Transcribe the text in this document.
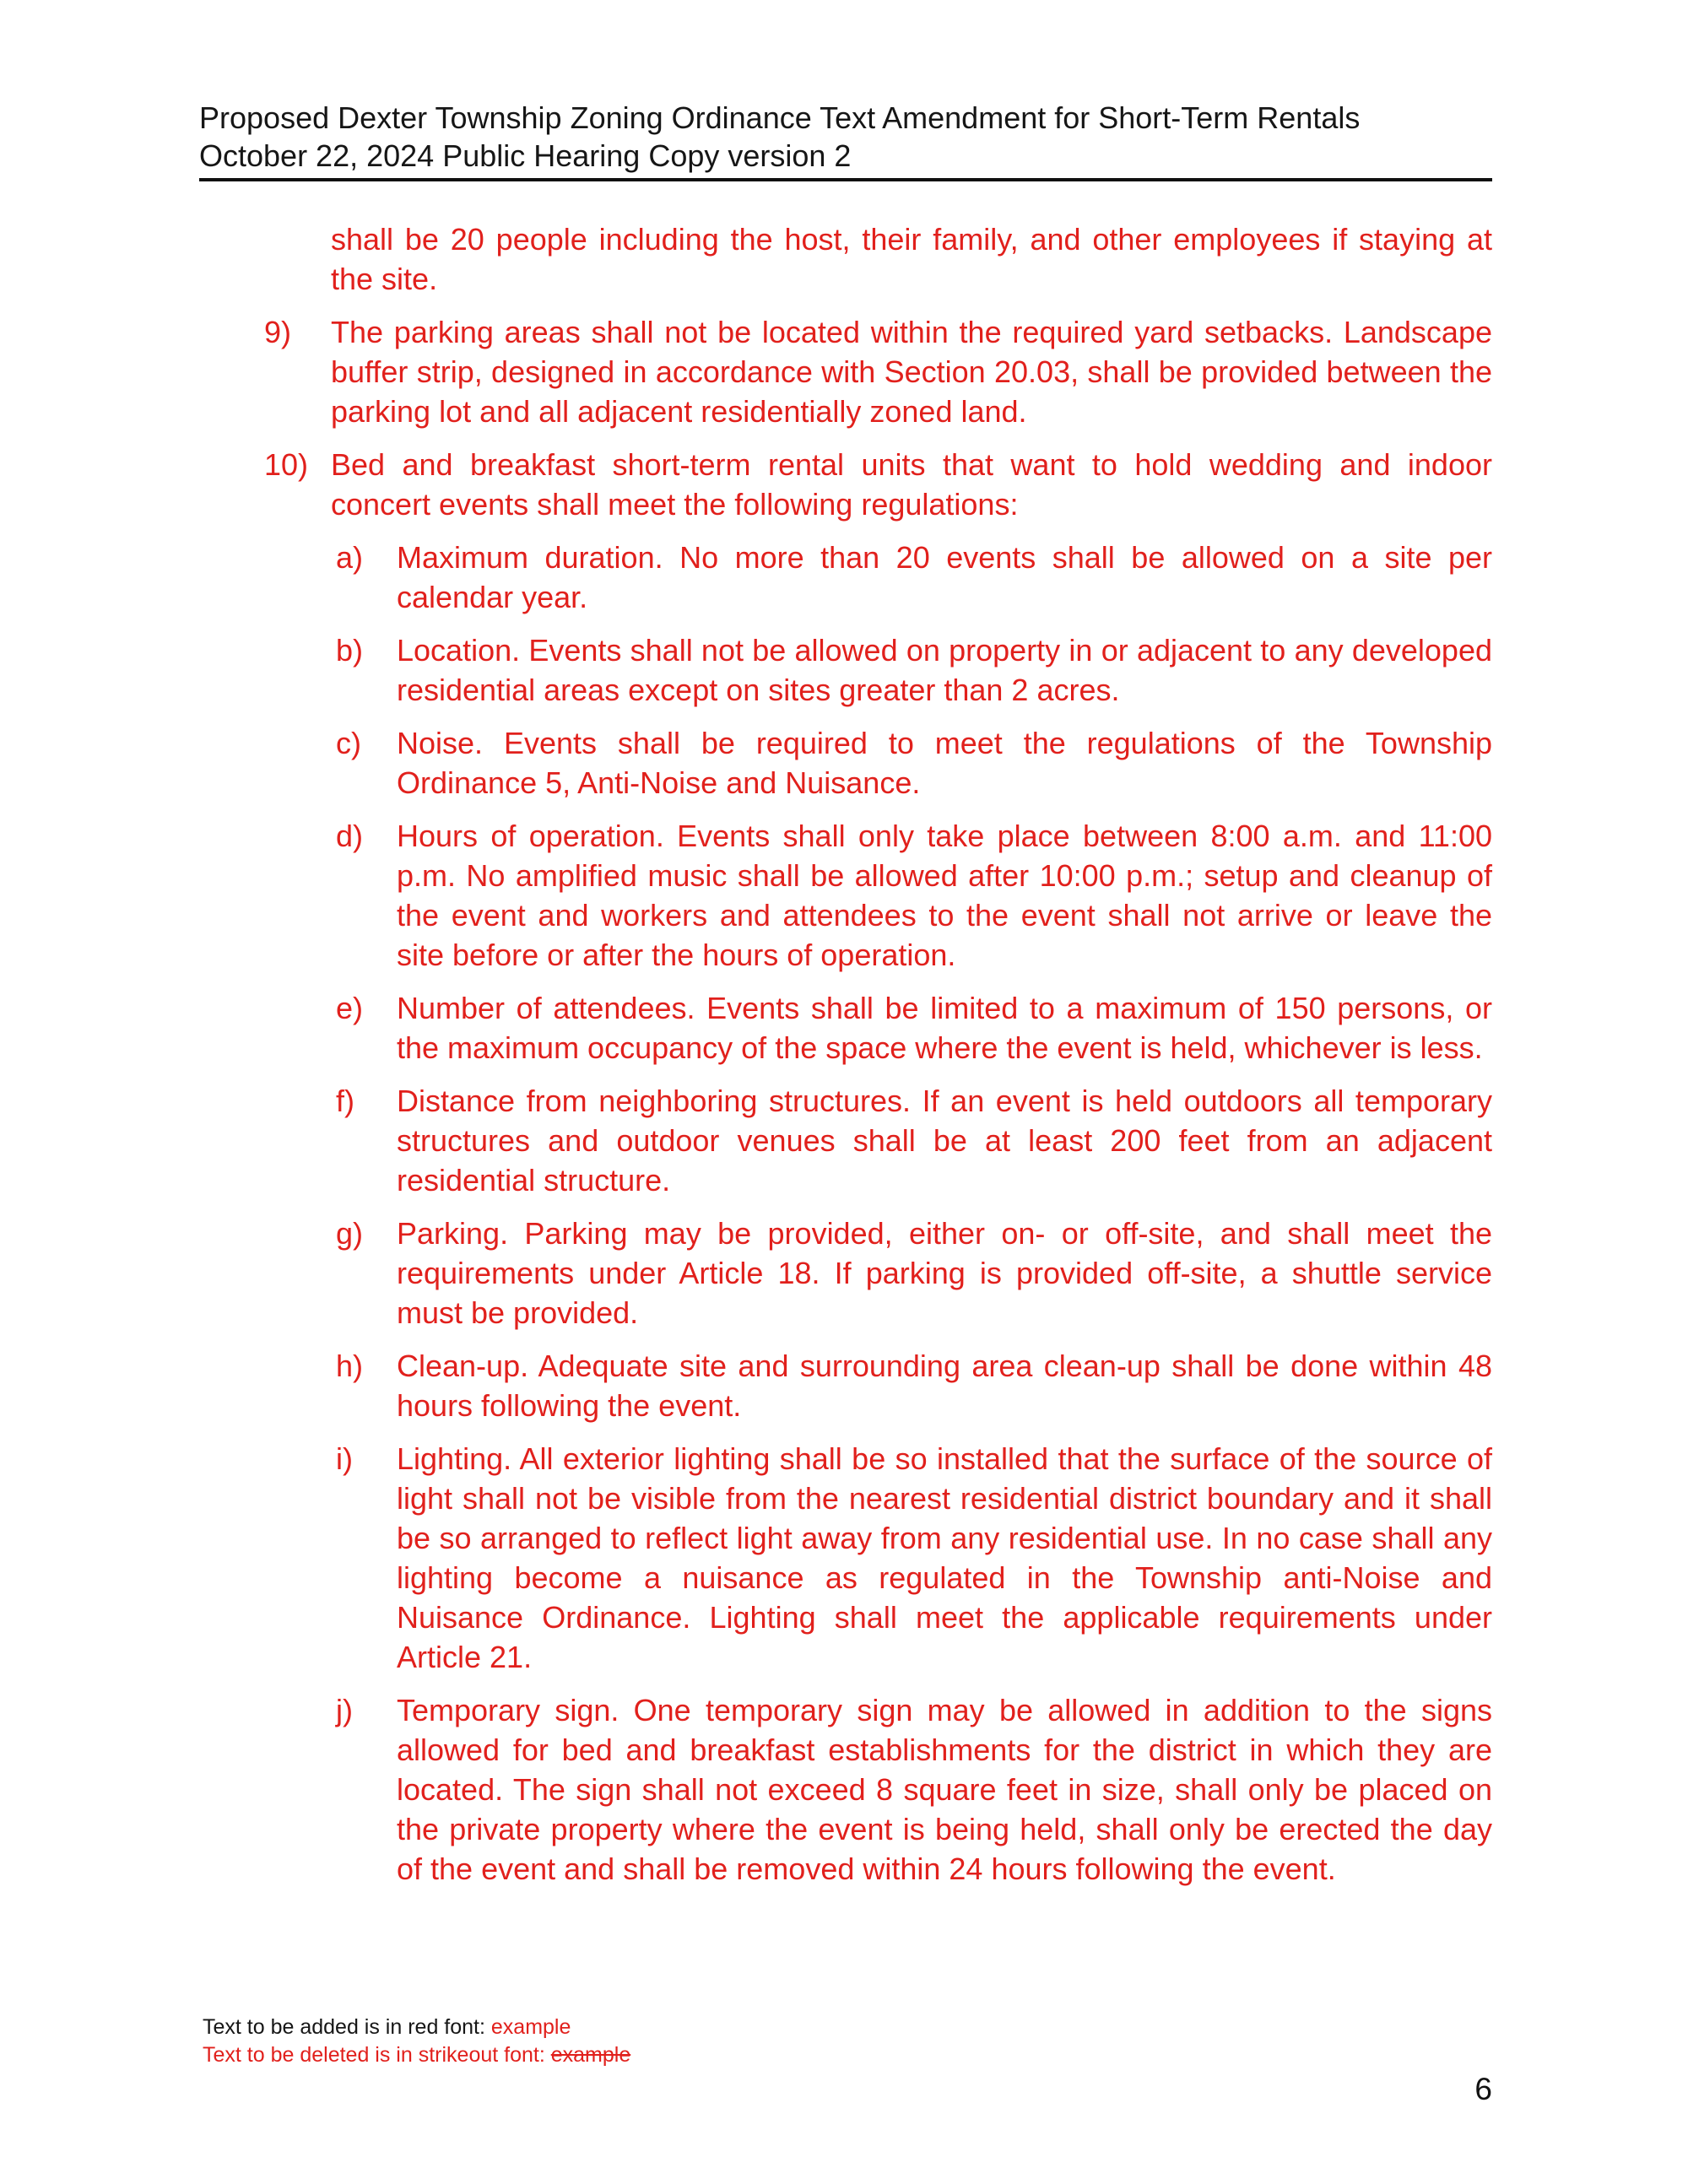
Proposed Dexter Township Zoning Ordinance Text Amendment for Short-Term Rentals
October 22, 2024 Public Hearing Copy version 2

shall be 20 people including the host, their family, and other employees if staying at the site.

9) The parking areas shall not be located within the required yard setbacks. Landscape buffer strip, designed in accordance with Section 20.03, shall be provided between the parking lot and all adjacent residentially zoned land.

10) Bed and breakfast short-term rental units that want to hold wedding and indoor concert events shall meet the following regulations:

a) Maximum duration. No more than 20 events shall be allowed on a site per calendar year.

b) Location. Events shall not be allowed on property in or adjacent to any developed residential areas except on sites greater than 2 acres.

c) Noise. Events shall be required to meet the regulations of the Township Ordinance 5, Anti-Noise and Nuisance.

d) Hours of operation. Events shall only take place between 8:00 a.m. and 11:00 p.m. No amplified music shall be allowed after 10:00 p.m.; setup and cleanup of the event and workers and attendees to the event shall not arrive or leave the site before or after the hours of operation.

e) Number of attendees. Events shall be limited to a maximum of 150 persons, or the maximum occupancy of the space where the event is held, whichever is less.

f) Distance from neighboring structures. If an event is held outdoors all temporary structures and outdoor venues shall be at least 200 feet from an adjacent residential structure.

g) Parking. Parking may be provided, either on- or off-site, and shall meet the requirements under Article 18. If parking is provided off-site, a shuttle service must be provided.

h) Clean-up. Adequate site and surrounding area clean-up shall be done within 48 hours following the event.

i) Lighting. All exterior lighting shall be so installed that the surface of the source of light shall not be visible from the nearest residential district boundary and it shall be so arranged to reflect light away from any residential use. In no case shall any lighting become a nuisance as regulated in the Township anti-Noise and Nuisance Ordinance. Lighting shall meet the applicable requirements under Article 21.

j) Temporary sign. One temporary sign may be allowed in addition to the signs allowed for bed and breakfast establishments for the district in which they are located. The sign shall not exceed 8 square feet in size, shall only be placed on the private property where the event is being held, shall only be erected the day of the event and shall be removed within 24 hours following the event.

Text to be added is in red font: example
Text to be deleted is in strikeout font: example
6
